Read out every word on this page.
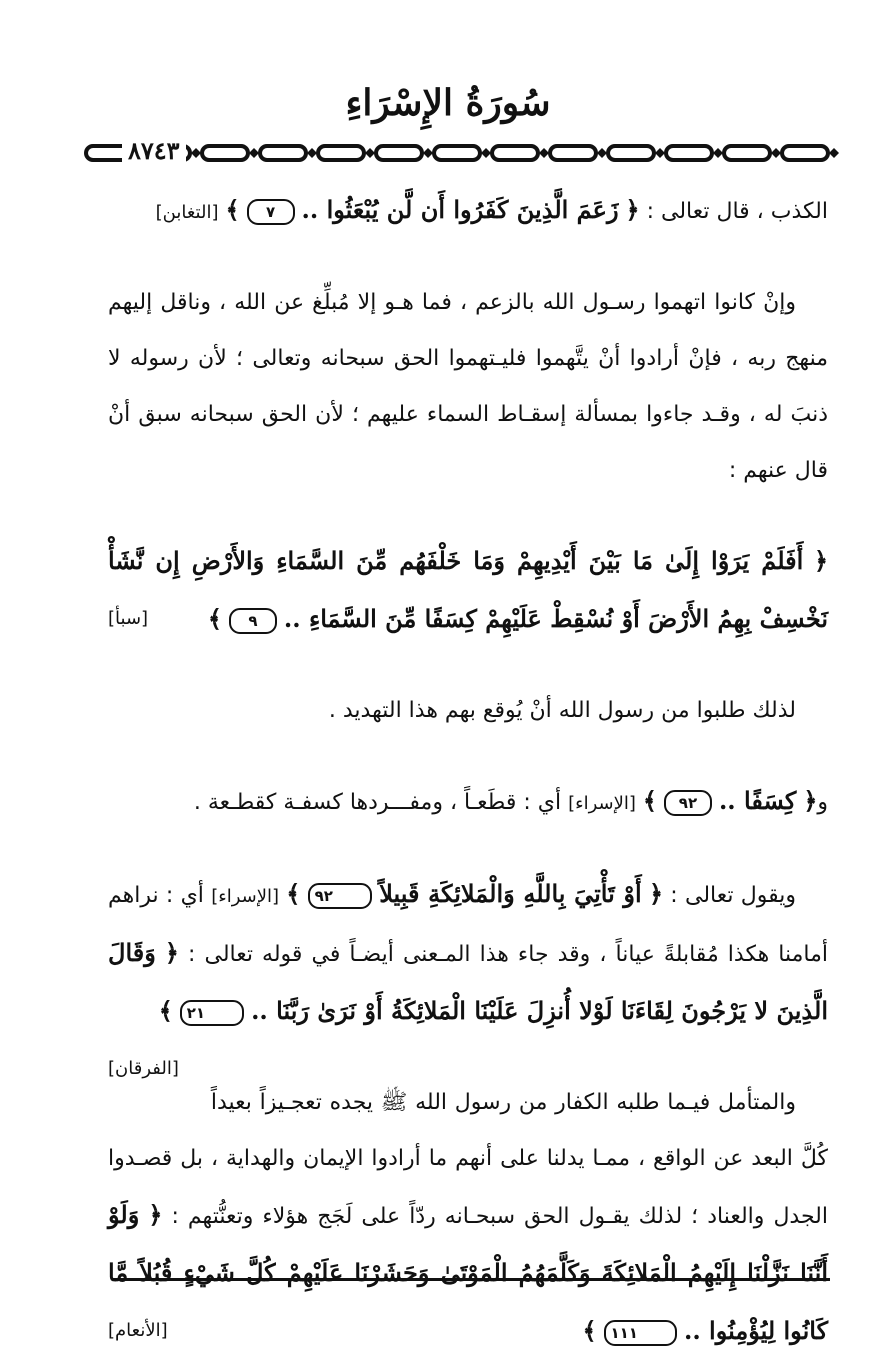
سُورَةُ الإِسْرَاءِ
٨٧٤٣

الكذب ، قال تعالى : ﴿ زَعَمَ الَّذِينَ كَفَرُوا أَن لَّن يُبْعَثُوا .. ٧ ﴾ [التغابن]

وإنْ كانوا اتهموا رسـول الله بالزعم ، فما هـو إلا مُبلِّغ عن الله ، وناقل إليهم منهج ربه ، فإنْ أرادوا أنْ يتَّهموا فليـتهموا الحق سبحانه وتعالى ؛ لأن رسوله لا ذنبَ له ، وقـد جاءوا بمسألة إسقـاط السماء عليهم ؛ لأن الحق سبحانه سبق أنْ قال عنهم :

﴿ أَفَلَمْ يَرَوْا إِلَىٰ مَا بَيْنَ أَيْدِيهِمْ وَمَا خَلْفَهُم مِّنَ السَّمَاءِ وَالأَرْضِ إِن نَّشَأْ نَخْسِفْ بِهِمُ الأَرْضَ أَوْ نُسْقِطْ عَلَيْهِمْ كِسَفًا مِّنَ السَّمَاءِ .. ٩ ﴾
[سبأ]

لذلك طلبوا من رسول الله أنْ يُوقع بهم هذا التهديد .

و﴿ كِسَفًا .. ٩٢ ﴾ [الإسراء] أي : قطَعـاً ، ومفـــردها كسفـة كقطـعة .

ويقول تعالى : ﴿ أَوْ تَأْتِيَ بِاللَّهِ وَالْمَلائِكَةِ قَبِيلاً ٩٢ ﴾ [الإسراء] أي : نراهم أمامنا هكذا مُقابلةً عياناً ، وقد جاء هذا المـعنى أيضـاً في قوله تعالى : ﴿ وَقَالَ الَّذِينَ لا يَرْجُونَ لِقَاءَنَا لَوْلا أُنزِلَ عَلَيْنَا الْمَلائِكَةُ أَوْ نَرَىٰ رَبَّنَا .. ٢١ ﴾
[الفرقان]

والمتأمل فيـما طلبه الكفار من رسول الله ﷺ يجده تعجـيزاً بعيداً كُلَّ البعد عن الواقع ، ممـا يدلنا على أنهم ما أرادوا الإيمان والهداية ، بل قصـدوا الجدل والعناد ؛ لذلك يقـول الحق سبحـانه ردّاً على لَجَج هؤلاء وتعنُّتهم : ﴿ وَلَوْ أَنَّنَا نَزَّلْنَا إِلَيْهِمُ الْمَلائِكَةَ وَكَلَّمَهُمُ الْمَوْتَىٰ وَحَشَرْنَا عَلَيْهِمْ كُلَّ شَيْءٍ قُبُلاً مَّا كَانُوا لِيُؤْمِنُوا .. ١١١ ﴾
[الأنعام]
